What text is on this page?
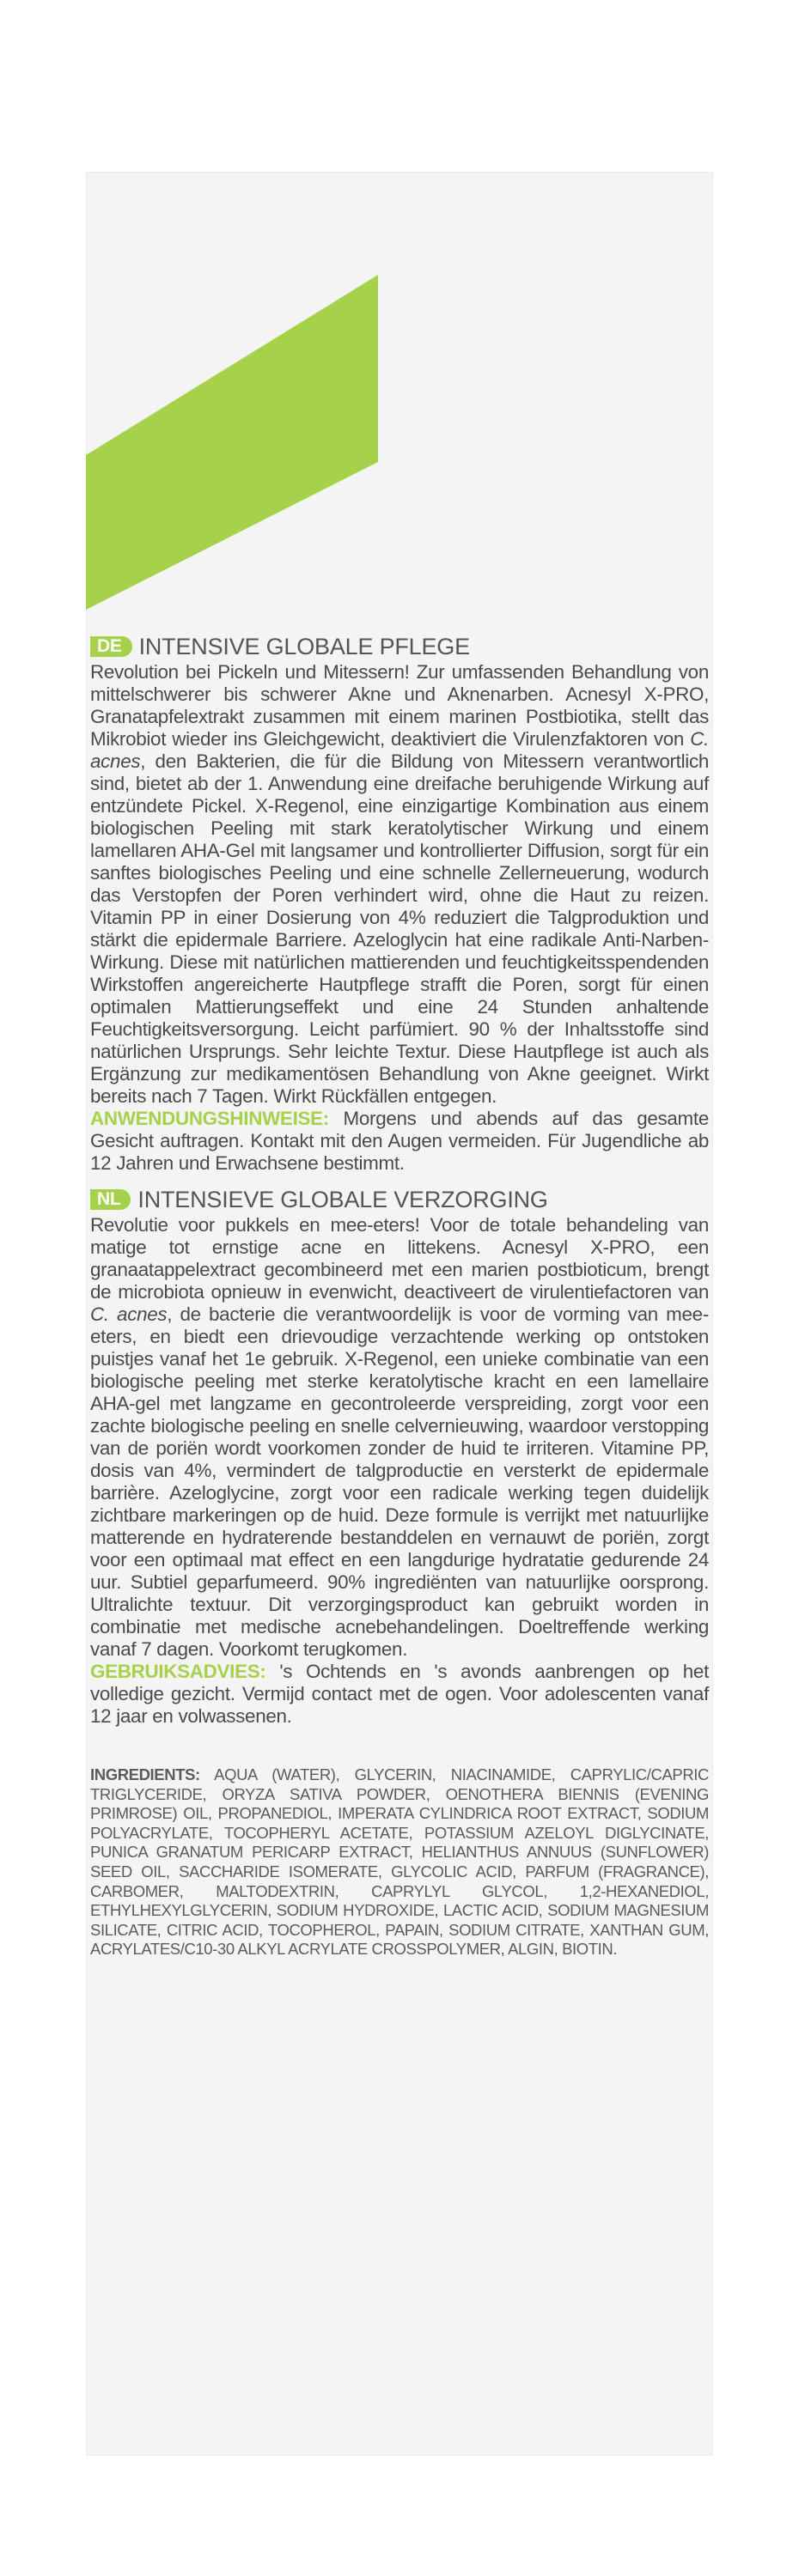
DE INTENSIVE GLOBALE PFLEGE

Revolution bei Pickeln und Mitessern! Zur umfassenden Behandlung von mittelschwerer bis schwerer Akne und Aknenarben. Acnesyl X-PRO, Granatapfelextrakt zusammen mit einem marinen Postbiotika, stellt das Mikrobiot wieder ins Gleichgewicht, deaktiviert die Virulenzfaktoren von C. acnes, den Bakterien, die für die Bildung von Mitessern verantwortlich sind, bietet ab der 1. Anwendung eine dreifache beruhigende Wirkung auf entzündete Pickel. X-Regenol, eine einzigartige Kombination aus einem biologischen Peeling mit stark keratolytischer Wirkung und einem lamellaren AHA-Gel mit langsamer und kontrollierter Diffusion, sorgt für ein sanftes biologisches Peeling und eine schnelle Zellerneuerung, wodurch das Verstopfen der Poren verhindert wird, ohne die Haut zu reizen. Vitamin PP in einer Dosierung von 4% reduziert die Talgproduktion und stärkt die epidermale Barriere. Azeloglycin hat eine radikale Anti-Narben-Wirkung. Diese mit natürlichen mattierenden und feuchtigkeitsspendenden Wirkstoffen angereicherte Hautpflege strafft die Poren, sorgt für einen optimalen Mattierungseffekt und eine 24 Stunden anhaltende Feuchtigkeitsversorgung. Leicht parfümiert. 90 % der Inhaltsstoffe sind natürlichen Ursprungs. Sehr leichte Textur. Diese Hautpflege ist auch als Ergänzung zur medikamentösen Behandlung von Akne geeignet. Wirkt bereits nach 7 Tagen. Wirkt Rückfällen entgegen.

ANWENDUNGSHINWEISE: Morgens und abends auf das gesamte Gesicht auftragen. Kontakt mit den Augen vermeiden. Für Jugendliche ab 12 Jahren und Erwachsene bestimmt.

NL INTENSIEVE GLOBALE VERZORGING

Revolutie voor pukkels en mee-eters! Voor de totale behandeling van matige tot ernstige acne en littekens. Acnesyl X-PRO, een granaatappelextract gecombineerd met een marien postbioticum, brengt de microbiota opnieuw in evenwicht, deactiveert de virulentiefactoren van C. acnes, de bacterie die verantwoordelijk is voor de vorming van mee-eters, en biedt een drievoudige verzachtende werking op ontstoken puistjes vanaf het 1e gebruik. X-Regenol, een unieke combinatie van een biologische peeling met sterke keratolytische kracht en een lamellaire AHA-gel met langzame en gecontroleerde verspreiding, zorgt voor een zachte biologische peeling en snelle celvernieuwing, waardoor verstopping van de poriën wordt voorkomen zonder de huid te irriteren. Vitamine PP, dosis van 4%, vermindert de talgproductie en versterkt de epidermale barrière. Azeloglycine, zorgt voor een radicale werking tegen duidelijk zichtbare markeringen op de huid. Deze formule is verrijkt met natuurlijke matterende en hydraterende bestanddelen en vernauwt de poriën, zorgt voor een optimaal mat effect en een langdurige hydratatie gedurende 24 uur. Subtiel geparfumeerd. 90% ingrediënten van natuurlijke oorsprong. Ultralichte textuur. Dit verzorgingsproduct kan gebruikt worden in combinatie met medische acnebehandelingen. Doeltreffende werking vanaf 7 dagen. Voorkomt terugkomen.

GEBRUIKSADVIES: 's Ochtends en 's avonds aanbrengen op het volledige gezicht. Vermijd contact met de ogen. Voor adolescenten vanaf 12 jaar en volwassenen.

INGREDIENTS: AQUA (WATER), GLYCERIN, NIACINAMIDE, CAPRYLIC/CAPRIC TRIGLYCERIDE, ORYZA SATIVA POWDER, OENOTHERA BIENNIS (EVENING PRIMROSE) OIL, PROPANEDIOL, IMPERATA CYLINDRICA ROOT EXTRACT, SODIUM POLYACRYLATE, TOCOPHERYL ACETATE, POTASSIUM AZELOYL DIGLYCINATE, PUNICA GRANATUM PERICARP EXTRACT, HELIANTHUS ANNUUS (SUNFLOWER) SEED OIL, SACCHARIDE ISOMERATE, GLYCOLIC ACID, PARFUM (FRAGRANCE), CARBOMER, MALTODEXTRIN, CAPRYLYL GLYCOL, 1,2-HEXANEDIOL, ETHYLHEXYLGLYCERIN, SODIUM HYDROXIDE, LACTIC ACID, SODIUM MAGNESIUM SILICATE, CITRIC ACID, TOCOPHEROL, PAPAIN, SODIUM CITRATE, XANTHAN GUM, ACRYLATES/C10-30 ALKYL ACRYLATE CROSSPOLYMER, ALGIN, BIOTIN.
